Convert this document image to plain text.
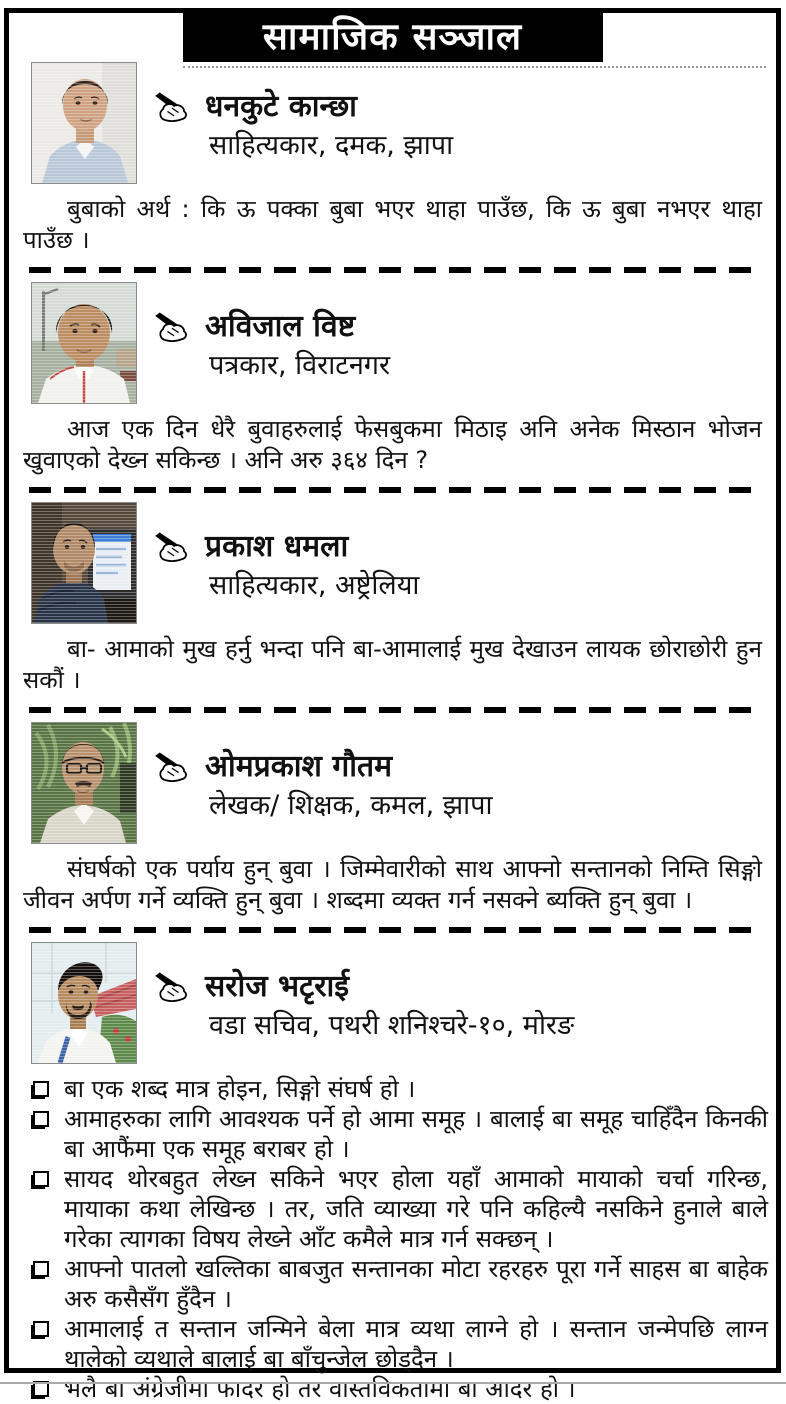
सामाजिक सञ्जाल
धनकुटे कान्छा
साहित्यकार, दमक, झापा

बुबाको अर्थ : कि ऊ पक्का बुबा भएर थाहा पाउँछ, कि ऊ बुबा नभएर थाहा पाउँछ ।

अविजाल विष्ट
पत्रकार, विराटनगर

आज एक दिन धेरै बुवाहरुलाई फेसबुकमा मिठाइ अनि अनेक मिस्ठान भोजन खुवाएको देख्न सकिन्छ । अनि अरु ३६४ दिन ?

प्रकाश धमला
साहित्यकार, अष्ट्रेलिया

बा- आमाको मुख हर्नु भन्दा पनि बा-आमालाई मुख देखाउन लायक छोराछोरी हुन सकौं ।

ओमप्रकाश गौतम
लेखक/ शिक्षक, कमल, झापा

संघर्षको एक पर्याय हुन् बुवा । जिम्मेवारीको साथ आफ्नो सन्तानको निम्ति सिङ्गो जीवन अर्पण गर्ने व्यक्ति हुन् बुवा । शब्दमा व्यक्त गर्न नसक्ने ब्यक्ति हुन् बुवा ।

सरोज भटृराई
वडा सचिव, पथरी शनिश्चरे-१०, मोरङ
बा एक शब्द मात्र होइन, सिङ्गो संघर्ष हो ।
आमाहरुका लागि आवश्यक पर्ने हो आमा समूह । बालाई बा समूह चाहिँदैन किनकी बा आफैंमा एक समूह बराबर हो ।
सायद थोरबहुत लेख्न सकिने भएर होला यहाँ आमाको मायाको चर्चा गरिन्छ, मायाका कथा लेखिन्छ । तर, जति व्याख्या गरे पनि कहिल्यै नसकिने हुनाले बाले गरेका त्यागका विषय लेख्ने आँट कमैले मात्र गर्न सक्छन् ।
आफ्नो पातलो खल्तिका बाबजुत सन्तानका मोटा रहरहरु पूरा गर्ने साहस बा बाहेक अरु कसैसँग हुँदैन ।
आमालाई त सन्तान जन्मिने बेला मात्र व्यथा लाग्ने हो । सन्तान जन्मेपछि लाग्न थालेको व्यथाले बालाई बा बाँचुन्जेल छोड्दैन ।
भलै बा अंग्रेजीमा फादर हो तर वास्तविकतामा बा आदर हो ।
